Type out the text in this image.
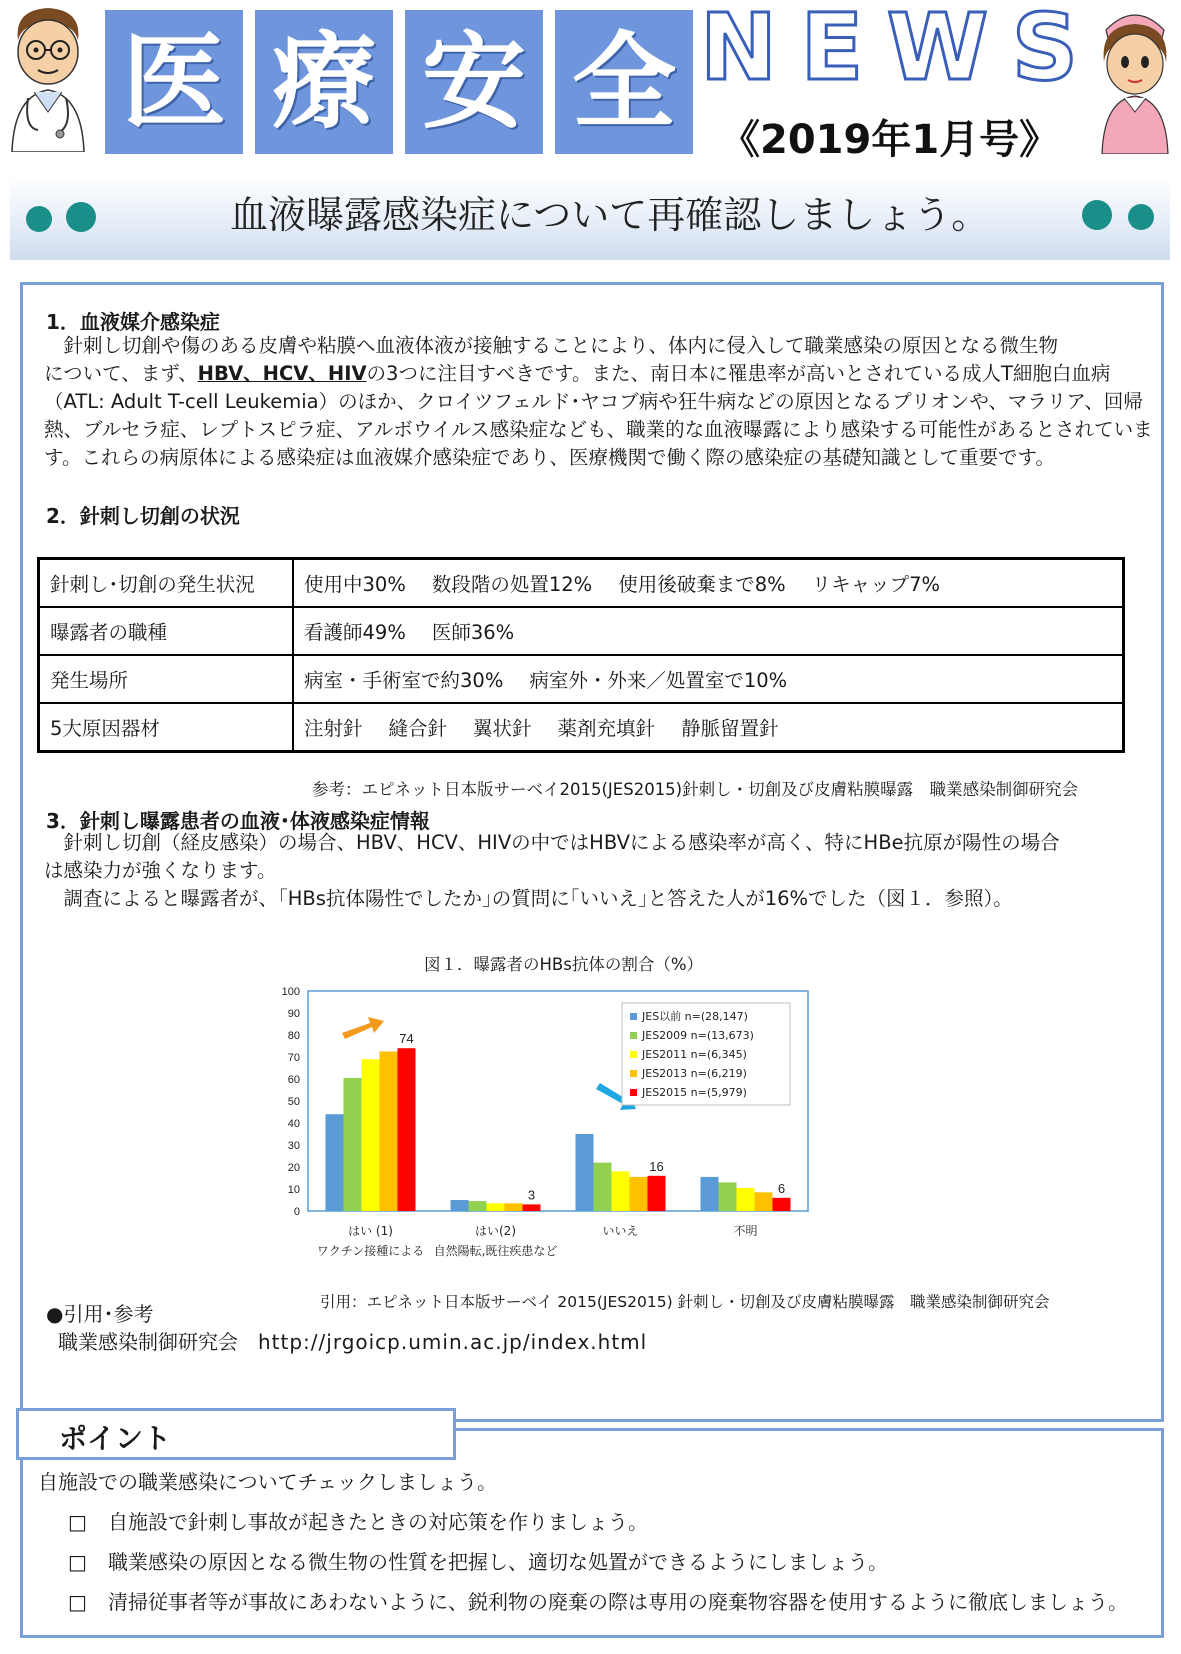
医 療 安 全 N E W S
《2019年1月号》
血液曝露感染症について再確認しましょう。
1．血液媒介感染症
　針刺し切創や傷のある皮膚や粘膜へ血液体液が接触することにより、体内に侵入して職業感染の原因となる微生物
について、まず、HBV、HCV、HIVの3つに注目すべきです。また、南日本に罹患率が高いとされている成人T細胞白血病
（ATL: Adult T-cell Leukemia）のほか、クロイツフェルド･ヤコブ病や狂牛病などの原因となるプリオンや、マラリア、回帰
熱、ブルセラ症、レプトスピラ症、アルボウイルス感染症なども、職業的な血液曝露により感染する可能性があるとされていま
す。これらの病原体による感染症は血液媒介感染症であり、医療機関で働く際の感染症の基礎知識として重要です。
2．針刺し切創の状況
針刺し･切創の発生状況	使用中30% 数段階の処置12% 使用後破棄まで8% リキャップ7%
曝露者の職種	看護師49% 医師36%
発生場所	病室・手術室で約30% 病室外・外来／処置室で10%
5大原因器材	注射針 縫合針 翼状針 薬剤充填針 静脈留置針
参考：エピネット日本版サーベイ2015(JES2015)針刺し・切創及び皮膚粘膜曝露　職業感染制御研究会
3．針刺し曝露患者の血液･体液感染症情報
　針刺し切創（経皮感染）の場合、HBV、HCV、HIVの中ではHBVによる感染率が高く、特にHBe抗原が陽性の場合
は感染力が強くなります。
　調査によると曝露者が、｢HBs抗体陽性でしたか｣の質問に｢いいえ｣と答えた人が16%でした（図１．参照）。
図１．曝露者のHBs抗体の割合（%）
0
10
20
30
40
50
60
70
80
90
100
74
はい (1)
ワクチン接種による
3
はい(2)
自然陽転,既往疾患など
16
いいえ
6
不明
JES以前 n=(28,147)
JES2009 n=(13,673)
JES2011 n=(6,345)
JES2013 n=(6,219)
JES2015 n=(5,979)
引用：エピネット日本版サーベイ 2015(JES2015) 針刺し・切創及び皮膚粘膜曝露　職業感染制御研究会
●引用･参考
職業感染制御研究会　 http://jrgoicp.umin.ac.jp/index.html
ポイント
自施設での職業感染についてチェックしましょう。
□ 自施設で針刺し事故が起きたときの対応策を作りましょう。
□ 職業感染の原因となる微生物の性質を把握し、適切な処置ができるようにしましょう。
□ 清掃従事者等が事故にあわないように、鋭利物の廃棄の際は専用の廃棄物容器を使用するように徹底しましょう。
